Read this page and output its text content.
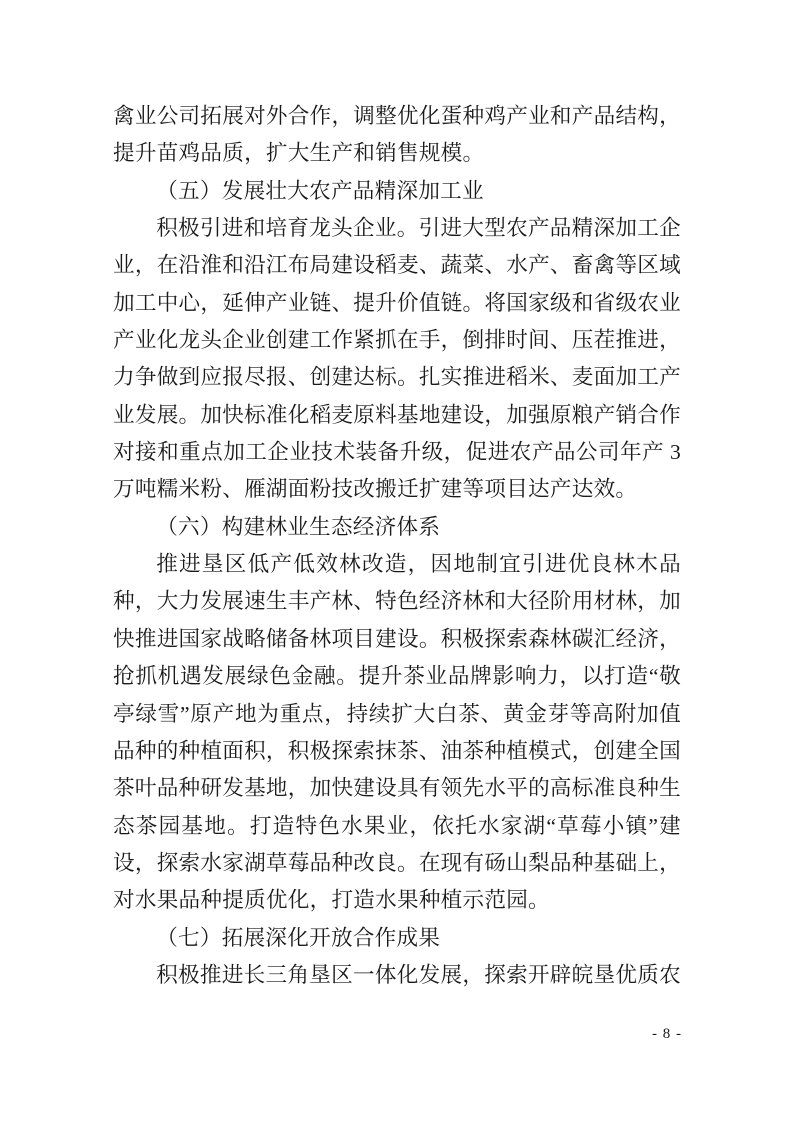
禽业公司拓展对外合作，调整优化蛋种鸡产业和产品结构，
提升苗鸡品质，扩大生产和销售规模。
（五）发展壮大农产品精深加工业
积极引进和培育龙头企业。引进大型农产品精深加工企
业，在沿淮和沿江布局建设稻麦、蔬菜、水产、畜禽等区域
加工中心，延伸产业链、提升价值链。将国家级和省级农业
产业化龙头企业创建工作紧抓在手，倒排时间、压茬推进，
力争做到应报尽报、创建达标。扎实推进稻米、麦面加工产
业发展。加快标准化稻麦原料基地建设，加强原粮产销合作
对接和重点加工企业技术装备升级，促进农产品公司年产 3
万吨糯米粉、雁湖面粉技改搬迁扩建等项目达产达效。
（六）构建林业生态经济体系
推进垦区低产低效林改造，因地制宜引进优良林木品
种，大力发展速生丰产林、特色经济林和大径阶用材林，加
快推进国家战略储备林项目建设。积极探索森林碳汇经济，
抢抓机遇发展绿色金融。提升茶业品牌影响力，以打造“敬
亭绿雪”原产地为重点，持续扩大白茶、黄金芽等高附加值
品种的种植面积，积极探索抹茶、油茶种植模式，创建全国
茶叶品种研发基地，加快建设具有领先水平的高标准良种生
态茶园基地。打造特色水果业，依托水家湖“草莓小镇”建
设，探索水家湖草莓品种改良。在现有砀山梨品种基础上，
对水果品种提质优化，打造水果种植示范园。
（七）拓展深化开放合作成果
积极推进长三角垦区一体化发展，探索开辟皖垦优质农
- 8 -
